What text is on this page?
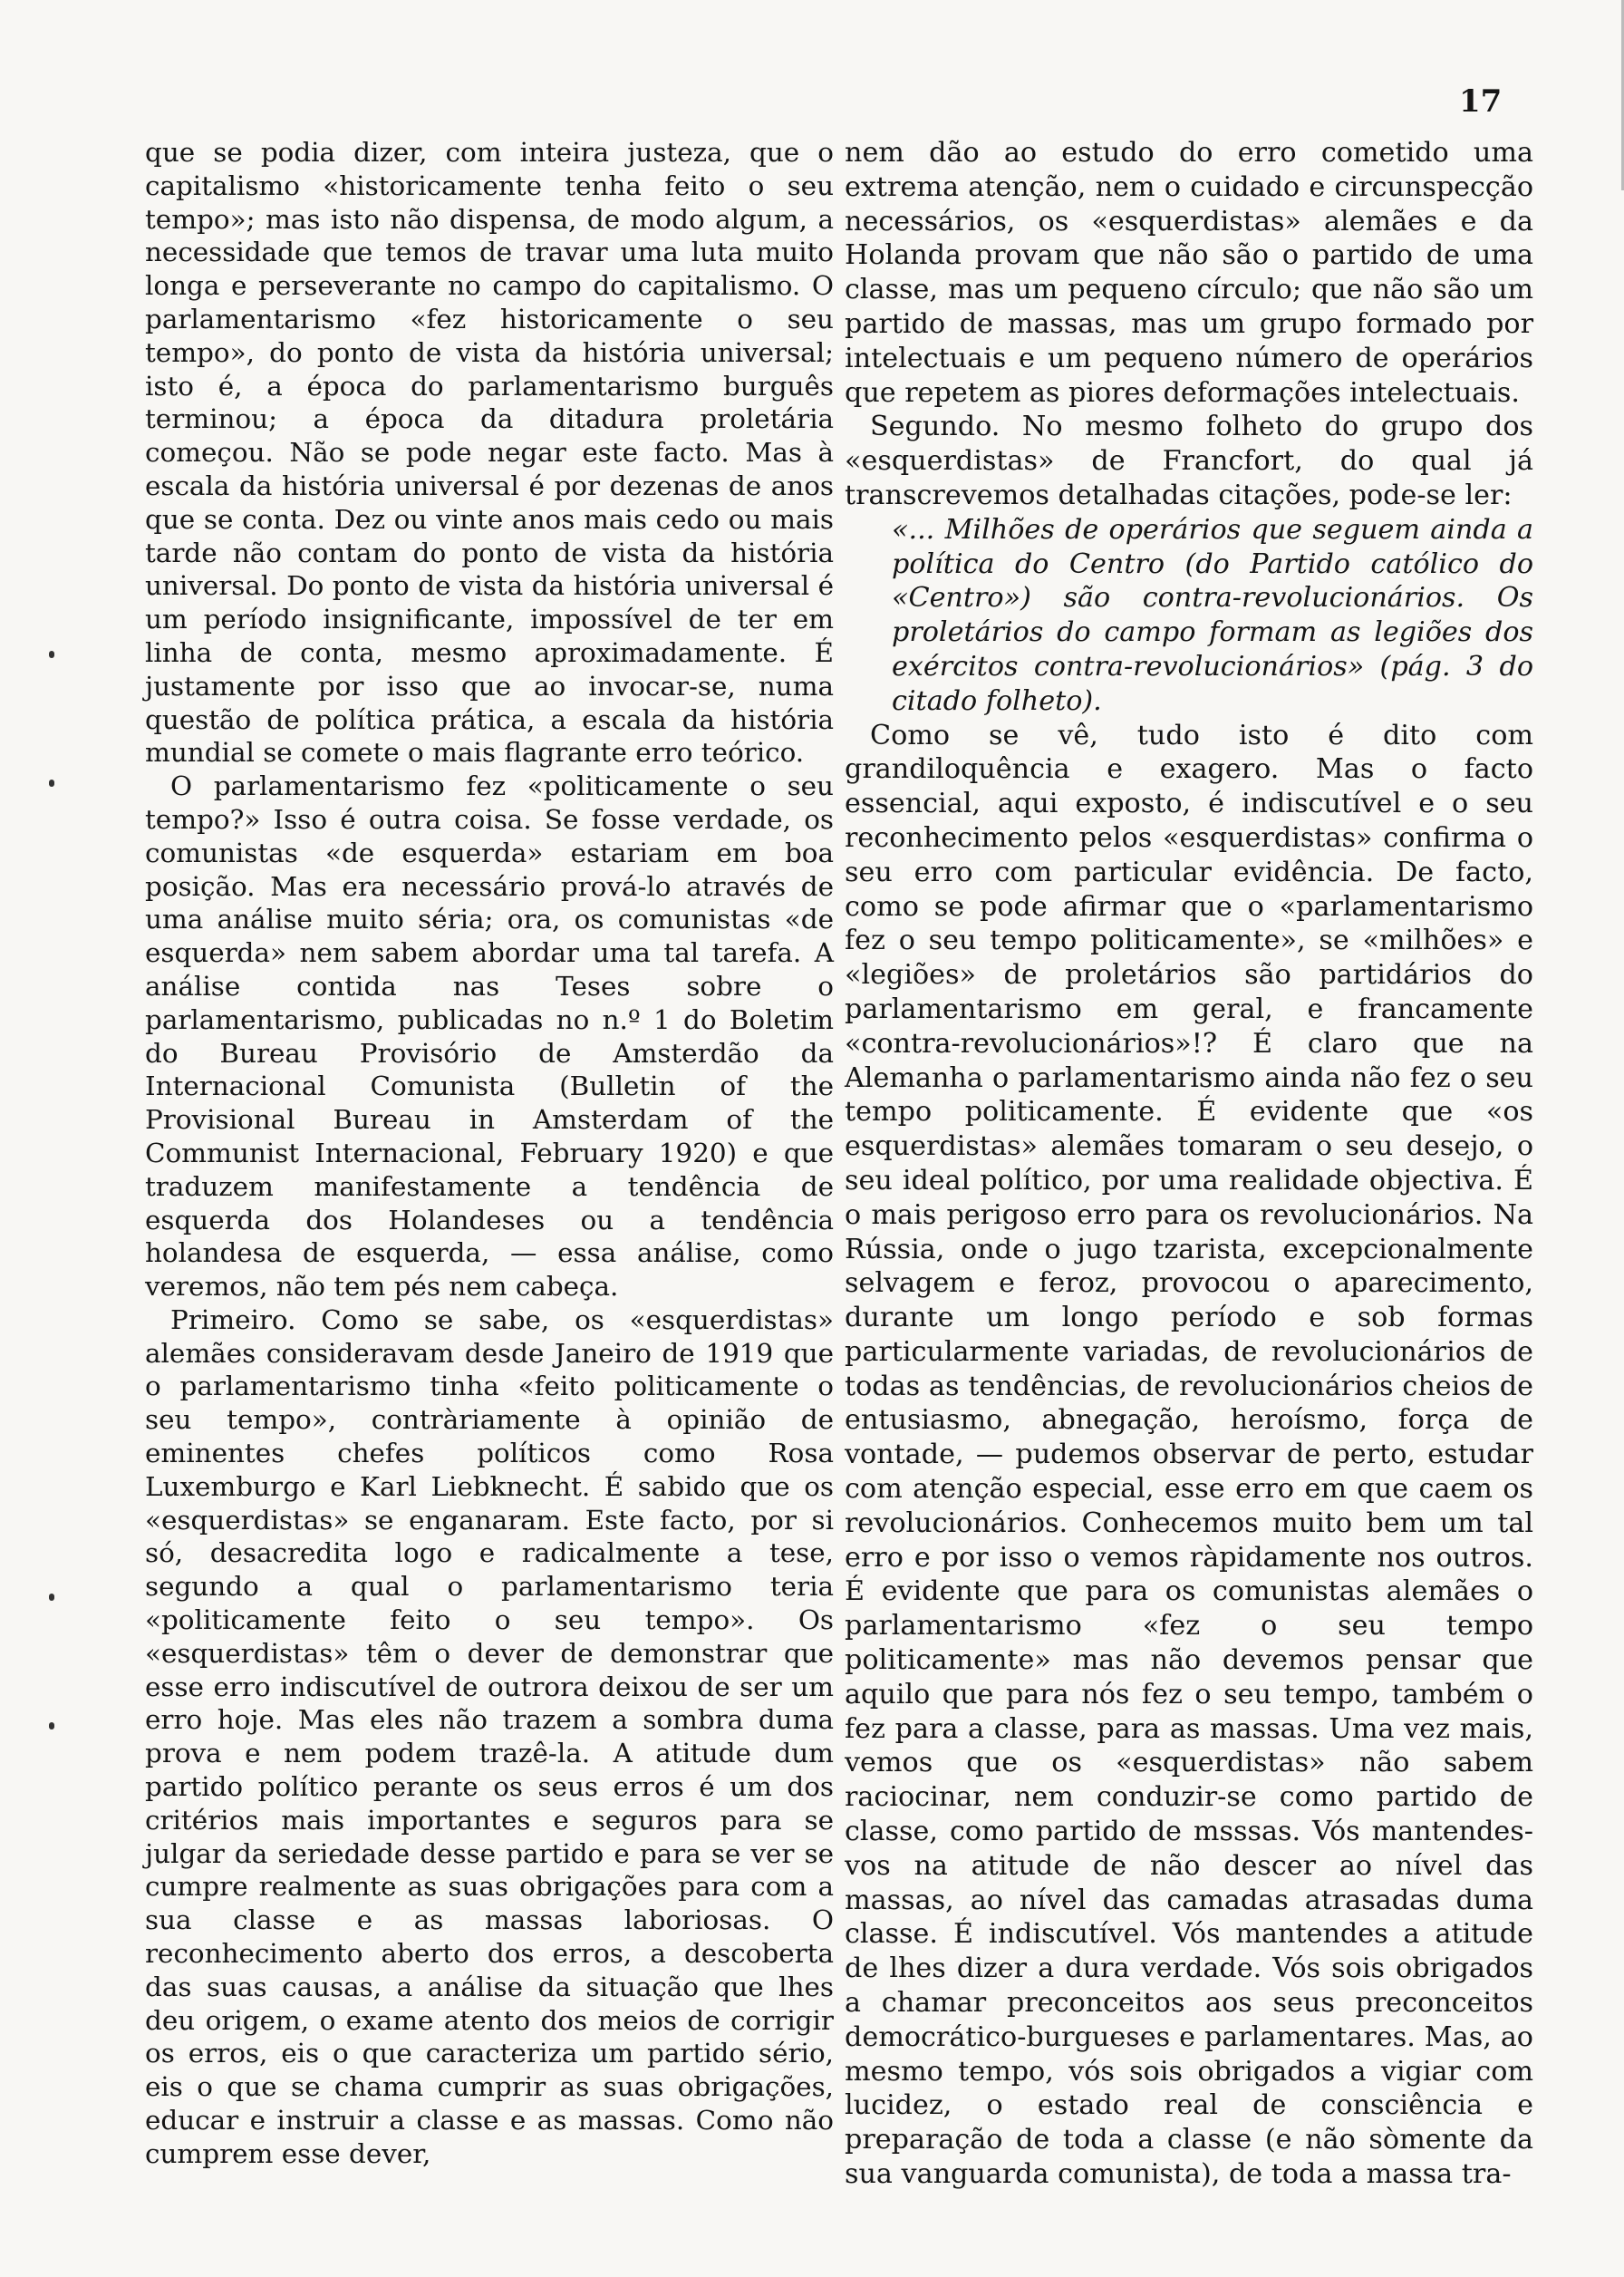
17

que se podia dizer, com inteira justeza, que o capitalismo «historicamente tenha feito o seu tempo»; mas isto não dispensa, de modo algum, a necessidade que temos de travar uma luta muito longa e perseverante no campo do capitalismo. O parlamentarismo «fez historicamente o seu tempo», do ponto de vista da história universal; isto é, a época do parlamentarismo burguês terminou; a época da ditadura proletária começou. Não se pode negar este facto. Mas à escala da história universal é por dezenas de anos que se conta. Dez ou vinte anos mais cedo ou mais tarde não contam do ponto de vista da história universal. Do ponto de vista da história universal é um período insignificante, impossível de ter em linha de conta, mesmo aproximadamente. É justamente por isso que ao invocar-se, numa questão de política prática, a escala da história mundial se comete o mais flagrante erro teórico.

O parlamentarismo fez «politicamente o seu tempo?» Isso é outra coisa. Se fosse verdade, os comunistas «de esquerda» estariam em boa posição. Mas era necessário prová-lo através de uma análise muito séria; ora, os comunistas «de esquerda» nem sabem abordar uma tal tarefa. A análise contida nas Teses sobre o parlamentarismo, publicadas no n.º 1 do Boletim do Bureau Provisório de Amsterdão da Internacional Comunista (Bulletin of the Provisional Bureau in Amsterdam of the Communist Internacional, February 1920) e que traduzem manifestamente a tendência de esquerda dos Holandeses ou a tendência holandesa de esquerda, — essa análise, como veremos, não tem pés nem cabeça.

Primeiro. Como se sabe, os «esquerdistas» alemães consideravam desde Janeiro de 1919 que o parlamentarismo tinha «feito politicamente o seu tempo», contràriamente à opinião de eminentes chefes políticos como Rosa Luxemburgo e Karl Liebknecht. É sabido que os «esquerdistas» se enganaram. Este facto, por si só, desacredita logo e radicalmente a tese, segundo a qual o parlamentarismo teria «politicamente feito o seu tempo». Os «esquerdistas» têm o dever de demonstrar que esse erro indiscutível de outrora deixou de ser um erro hoje. Mas eles não trazem a sombra duma prova e nem podem trazê-la. A atitude dum partido político perante os seus erros é um dos critérios mais importantes e seguros para se julgar da seriedade desse partido e para se ver se cumpre realmente as suas obrigações para com a sua classe e as massas laboriosas. O reconhecimento aberto dos erros, a descoberta das suas causas, a análise da situação que lhes deu origem, o exame atento dos meios de corrigir os erros, eis o que caracteriza um partido sério, eis o que se chama cumprir as suas obrigações, educar e instruir a classe e as massas. Como não cumprem esse dever,

nem dão ao estudo do erro cometido uma extrema atenção, nem o cuidado e circunspecção necessários, os «esquerdistas» alemães e da Holanda provam que não são o partido de uma classe, mas um pequeno círculo; que não são um partido de massas, mas um grupo formado por intelectuais e um pequeno número de operários que repetem as piores deformações intelectuais.

Segundo. No mesmo folheto do grupo dos «esquerdistas» de Francfort, do qual já transcrevemos detalhadas citações, pode-se ler:

«... Milhões de operários que seguem ainda a política do Centro (do Partido católico do «Centro») são contra-revolucionários. Os proletários do campo formam as legiões dos exércitos contra-revolucionários» (pág. 3 do citado folheto).

Como se vê, tudo isto é dito com grandiloquência e exagero. Mas o facto essencial, aqui exposto, é indiscutível e o seu reconhecimento pelos «esquerdistas» confirma o seu erro com particular evidência. De facto, como se pode afirmar que o «parlamentarismo fez o seu tempo politicamente», se «milhões» e «legiões» de proletários são partidários do parlamentarismo em geral, e francamente «contra-revolucionários»!? É claro que na Alemanha o parlamentarismo ainda não fez o seu tempo politicamente. É evidente que «os esquerdistas» alemães tomaram o seu desejo, o seu ideal político, por uma realidade objectiva. É o mais perigoso erro para os revolucionários. Na Rússia, onde o jugo tzarista, excepcionalmente selvagem e feroz, provocou o aparecimento, durante um longo período e sob formas particularmente variadas, de revolucionários de todas as tendências, de revolucionários cheios de entusiasmo, abnegação, heroísmo, força de vontade, — pudemos observar de perto, estudar com atenção especial, esse erro em que caem os revolucionários. Conhecemos muito bem um tal erro e por isso o vemos ràpidamente nos outros. É evidente que para os comunistas alemães o parlamentarismo «fez o seu tempo politicamente» mas não devemos pensar que aquilo que para nós fez o seu tempo, também o fez para a classe, para as massas. Uma vez mais, vemos que os «esquerdistas» não sabem raciocinar, nem conduzir-se como partido de classe, como partido de msssas. Vós mantendes-vos na atitude de não descer ao nível das massas, ao nível das camadas atrasadas duma classe. É indiscutível. Vós mantendes a atitude de lhes dizer a dura verdade. Vós sois obrigados a chamar preconceitos aos seus preconceitos democrático-burgueses e parlamentares. Mas, ao mesmo tempo, vós sois obrigados a vigiar com lucidez, o estado real de consciência e preparação de toda a classe (e não sòmente da sua vanguarda comunista), de toda a massa tra-
